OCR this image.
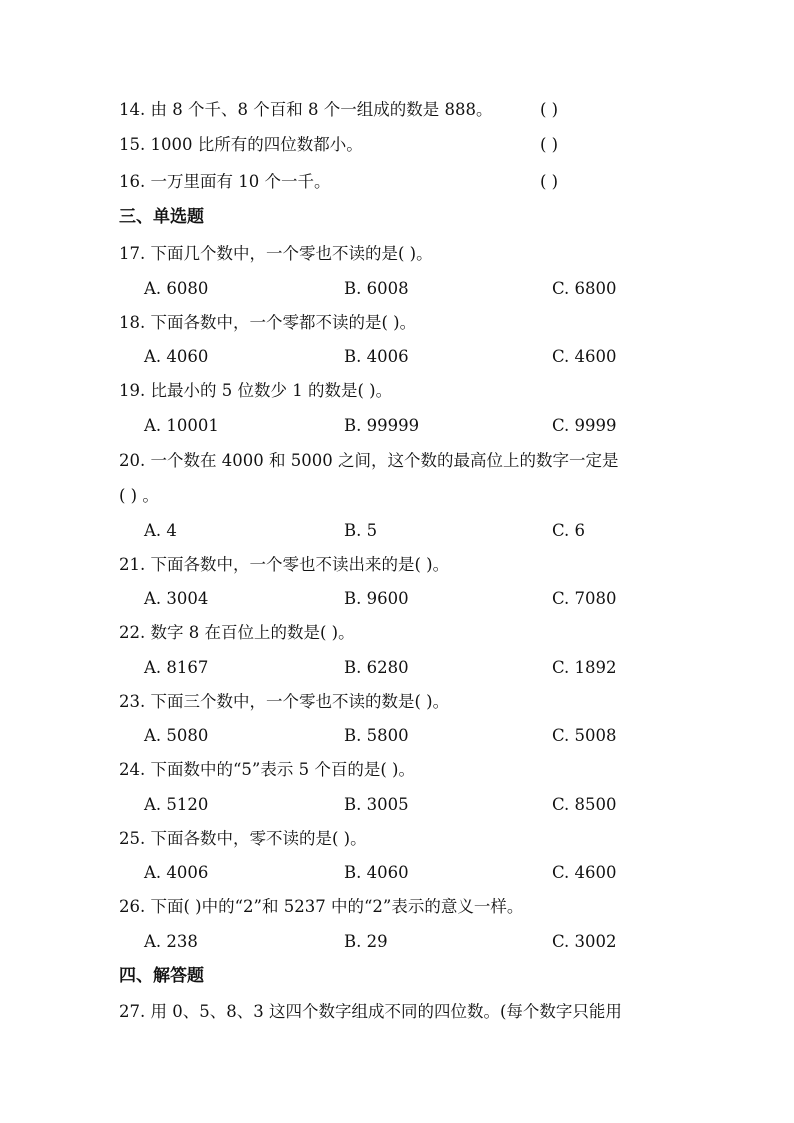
14. 由 8 个千、8 个百和 8 个一组成的数是 888。	( )
15. 1000 比所有的四位数都小。	( )
16. 一万里面有 10 个一千。	( )
三、单选题
17. 下面几个数中，一个零也不读的是( )。
A. 6080	B. 6008	C. 6800
18. 下面各数中，一个零都不读的是( )。
A. 4060	B. 4006	C. 4600
19. 比最小的 5 位数少 1 的数是( )。
A. 10001	B. 99999	C. 9999
20. 一个数在 4000 和 5000 之间，这个数的最高位上的数字一定是
( ) 。
A. 4	B. 5	C. 6
21. 下面各数中，一个零也不读出来的是( )。
A. 3004	B. 9600	C. 7080
22. 数字 8 在百位上的数是( )。
A. 8167	B. 6280	C. 1892
23. 下面三个数中，一个零也不读的数是( )。
A. 5080	B. 5800	C. 5008
24. 下面数中的“5”表示 5 个百的是( )。
A. 5120	B. 3005	C. 8500
25. 下面各数中，零不读的是( )。
A. 4006	B. 4060	C. 4600
26. 下面( )中的“2”和 5237 中的“2”表示的意义一样。
A. 238	B. 29	C. 3002
四、解答题
27. 用 0、5、8、3 这四个数字组成不同的四位数。(每个数字只能用
